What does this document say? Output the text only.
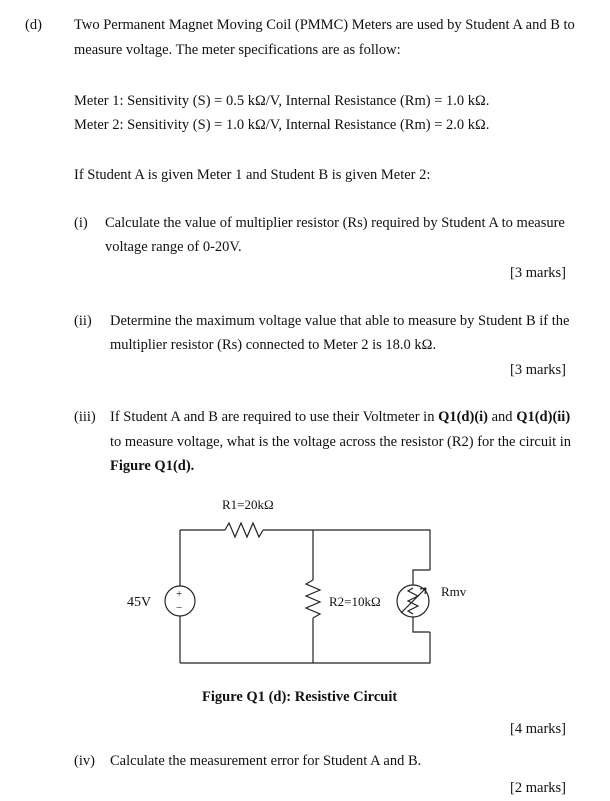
(d) Two Permanent Magnet Moving Coil (PMMC) Meters are used by Student A and B to
measure voltage. The meter specifications are as follow:
Meter 1: Sensitivity (S) = 0.5 kΩ/V, Internal Resistance (Rm) = 1.0 kΩ.
Meter 2: Sensitivity (S) = 1.0 kΩ/V, Internal Resistance (Rm) = 2.0 kΩ.
If Student A is given Meter 1 and Student B is given Meter 2:
(i) Calculate the value of multiplier resistor (Rs) required by Student A to measure
voltage range of 0-20V.
[3 marks]
(ii) Determine the maximum voltage value that able to measure by Student B if the
multiplier resistor (Rs) connected to Meter 2 is 18.0 kΩ.
[3 marks]
(iii) If Student A and B are required to use their Voltmeter in Q1(d)(i) and Q1(d)(ii)
to measure voltage, what is the voltage across the resistor (R2) for the circuit in
Figure Q1(d).
R1=20kΩ
45V
+
−	R2=10kΩ
Rmv
Figure Q1 (d): Resistive Circuit
[4 marks]
(iv) Calculate the measurement error for Student A and B.
[2 marks]
